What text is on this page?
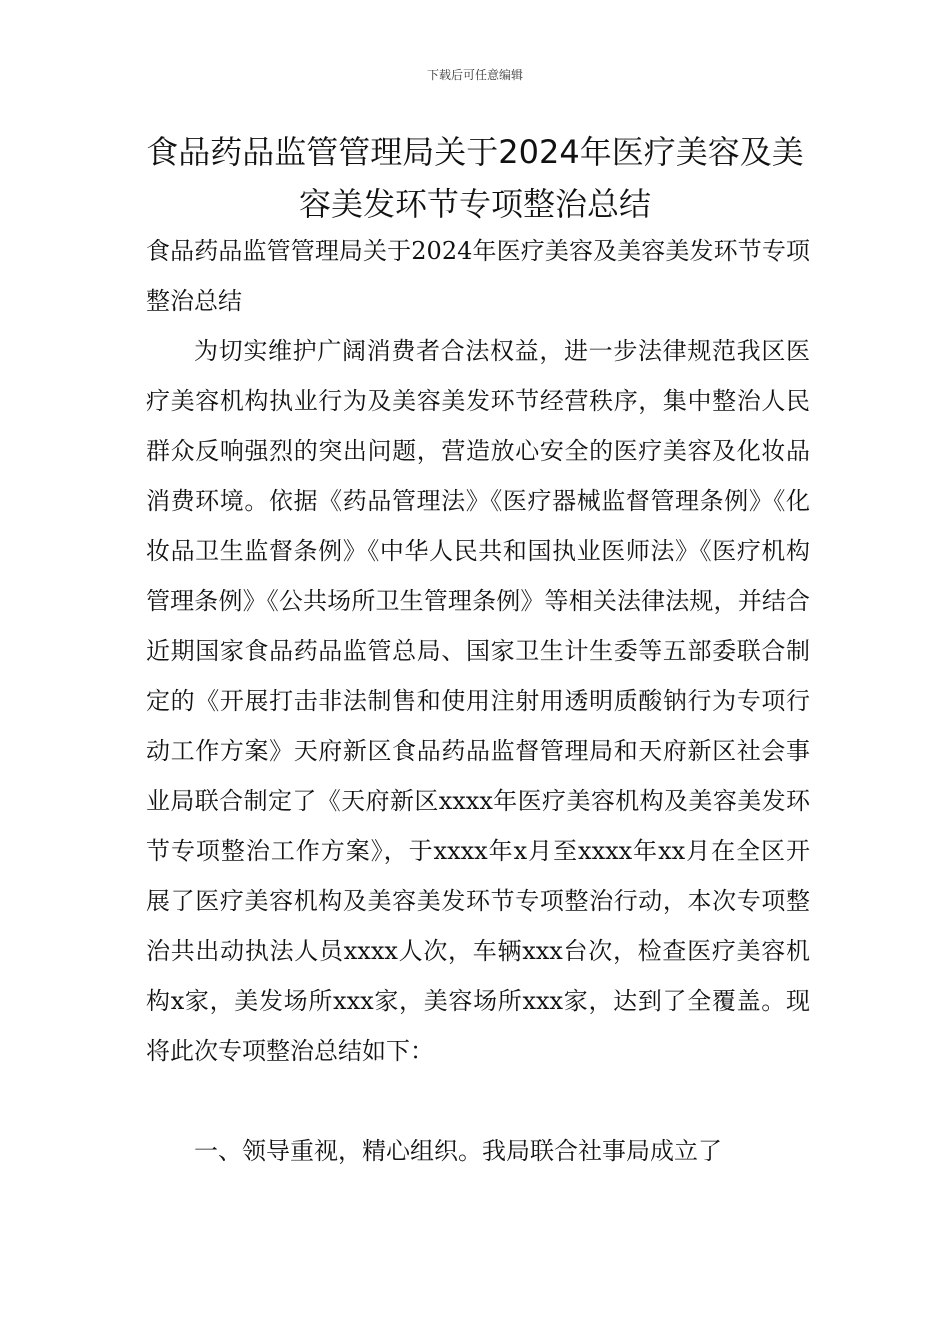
下载后可任意编辑
食品药品监管管理局关于2024年医疗美容及美容美发环节专项整治总结

食品药品监管管理局关于2024年医疗美容及美容美发环节专项整治总结

为切实维护广阔消费者合法权益，进一步法律规范我区医疗美容机构执业行为及美容美发环节经营秩序，集中整治人民群众反响强烈的突出问题，营造放心安全的医疗美容及化妆品消费环境。依据《药品管理法》《医疗器械监督管理条例》《化妆品卫生监督条例》《中华人民共和国执业医师法》《医疗机构管理条例》《公共场所卫生管理条例》等相关法律法规，并结合近期国家食品药品监管总局、国家卫生计生委等五部委联合制定的《开展打击非法制售和使用注射用透明质酸钠行为专项行动工作方案》天府新区食品药品监督管理局和天府新区社会事业局联合制定了《天府新区xxxx年医疗美容机构及美容美发环节专项整治工作方案》，于xxxx年x月至xxxx年xx月在全区开展了医疗美容机构及美容美发环节专项整治行动，本次专项整治共出动执法人员xxxx人次，车辆xxx台次，检查医疗美容机构x家，美发场所xxx家，美容场所xxx家，达到了全覆盖。现将此次专项整治总结如下：

一、领导重视，精心组织。我局联合社事局成立了
